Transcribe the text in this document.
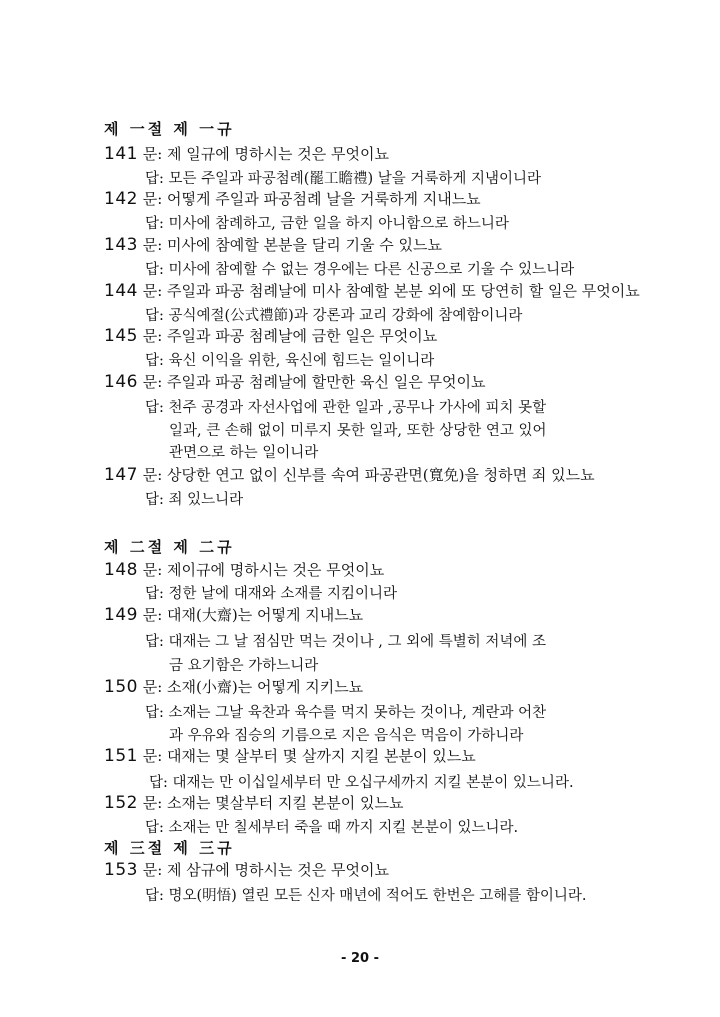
제 一절 제 一규
141 문: 제 일규에 명하시는 것은 무엇이뇨
답: 모든 주일과 파공첨례(罷工瞻禮) 날을 거룩하게 지냄이니라
142 문: 어떻게 주일과 파공첨례 날을 거룩하게 지내느뇨
답: 미사에 참례하고, 금한 일을 하지 아니함으로 하느니라
143 문: 미사에 참예할 본분을 달리 기울 수 있느뇨
답: 미사에 참예할 수 없는 경우에는 다른 신공으로 기울 수 있느니라
144 문: 주일과 파공 첨례날에 미사 참예할 본분 외에 또 당연히 할 일은 무엇이뇨
답: 공식예절(公式禮節)과 강론과 교리 강화에 참예함이니라
145 문: 주일과 파공 첨례날에 금한 일은 무엇이뇨
답: 육신 이익을 위한, 육신에 힘드는 일이니라
146 문: 주일과 파공 첨례날에 할만한 육신 일은 무엇이뇨
답: 천주 공경과 자선사업에 관한 일과 ,공무나 가사에 피치 못할
일과, 큰 손해 없이 미루지 못한 일과, 또한 상당한 연고 있어
관면으로 하는 일이니라
147 문: 상당한 연고 없이 신부를 속여 파공관면(寬免)을 청하면 죄 있느뇨
답: 죄 있느니라
제 二절 제 二규
148 문: 제이규에 명하시는 것은 무엇이뇨
답: 정한 날에 대재와 소재를 지킴이니라
149 문: 대재(大齋)는 어떻게 지내느뇨
답: 대재는 그 날 점심만 먹는 것이나 , 그 외에 특별히 저녁에 조
금 요기함은 가하느니라
150 문: 소재(小齋)는 어떻게 지키느뇨
답: 소재는 그날 육찬과 육수를 먹지 못하는 것이나, 계란과 어찬
과 우유와 짐승의 기름으로 지은 음식은 먹음이 가하니라
151 문: 대재는 몇 살부터 몇 살까지 지킬 본분이 있느뇨
답: 대재는 만 이십일세부터 만 오십구세까지 지킬 본분이 있느니라.
152 문: 소재는 몇살부터 지킬 본분이 있느뇨
답: 소재는 만 칠세부터 죽을 때 까지 지킬 본분이 있느니라.
제 三절 제 三규
153 문: 제 삼규에 명하시는 것은 무엇이뇨
답: 명오(明悟) 열린 모든 신자 매년에 적어도 한번은 고해를 함이니라.
- 20 -
